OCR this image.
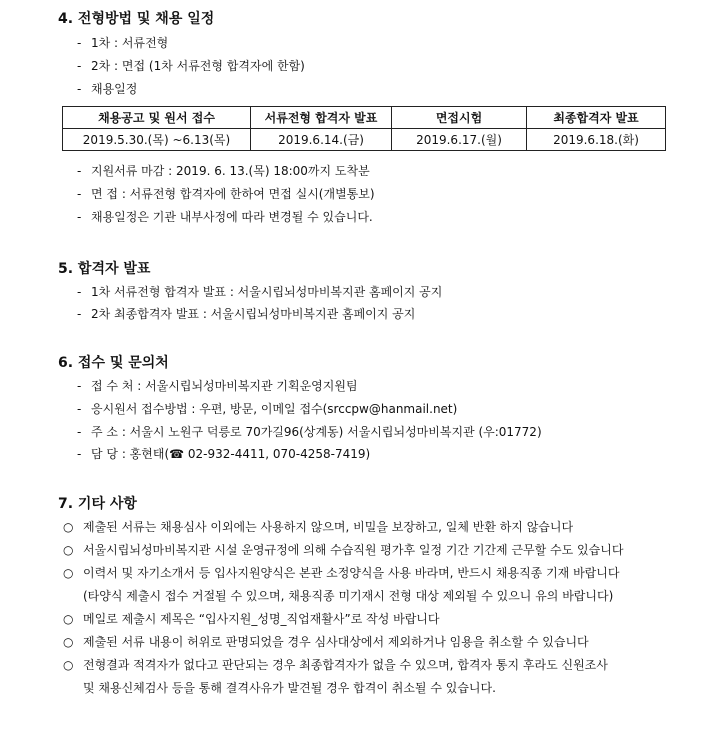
4. 전형방법 및 채용 일정
- 1차 : 서류전형
- 2차 : 면접 (1차 서류전형 합격자에 한함)
- 채용일정
채용공고 및 원서 접수	서류전형 합격자 발표	면접시험	최종합격자 발표
2019.5.30.(목) ~6.13(목)	2019.6.14.(금)	2019.6.17.(월)	2019.6.18.(화)
- 지원서류 마감 : 2019. 6. 13.(목) 18:00까지 도착분
- 면 접 : 서류전형 합격자에 한하여 면접 실시(개별통보)
- 채용일정은 기관 내부사정에 따라 변경될 수 있습니다.
5. 합격자 발표
- 1차 서류전형 합격자 발표 : 서울시립뇌성마비복지관 홈페이지 공지
- 2차 최종합격자 발표 : 서울시립뇌성마비복지관 홈페이지 공지
6. 접수 및 문의처
- 접 수 처 : 서울시립뇌성마비복지관 기획운영지원팀
- 응시원서 접수방법 : 우편, 방문, 이메일 접수(srccpw@hanmail.net)
- 주 소 : 서울시 노원구 덕릉로 70가길96(상계동) 서울시립뇌성마비복지관 (우:01772)
- 담 당 : 홍현태(☎ 02-932-4411, 070-4258-7419)
7. 기타 사항
○ 제출된 서류는 채용심사 이외에는 사용하지 않으며, 비밀을 보장하고, 일체 반환 하지 않습니다
○ 서울시립뇌성마비복지관 시설 운영규정에 의해 수습직원 평가후 일정 기간 기간제 근무할 수도 있습니다
○ 이력서 및 자기소개서 등 입사지원양식은 본관 소정양식을 사용 바라며, 반드시 채용직종 기재 바랍니다
(타양식 제출시 접수 거절될 수 있으며, 채용직종 미기재시 전형 대상 제외될 수 있으니 유의 바랍니다)
○ 메일로 제출시 제목은 “입사지원_성명_직업재활사”로 작성 바랍니다
○ 제출된 서류 내용이 허위로 판명되었을 경우 심사대상에서 제외하거나 임용을 취소할 수 있습니다
○ 전형결과 적격자가 없다고 판단되는 경우 최종합격자가 없을 수 있으며, 합격자 통지 후라도 신원조사
및 채용신체검사 등을 통해 결격사유가 발견될 경우 합격이 취소될 수 있습니다.
